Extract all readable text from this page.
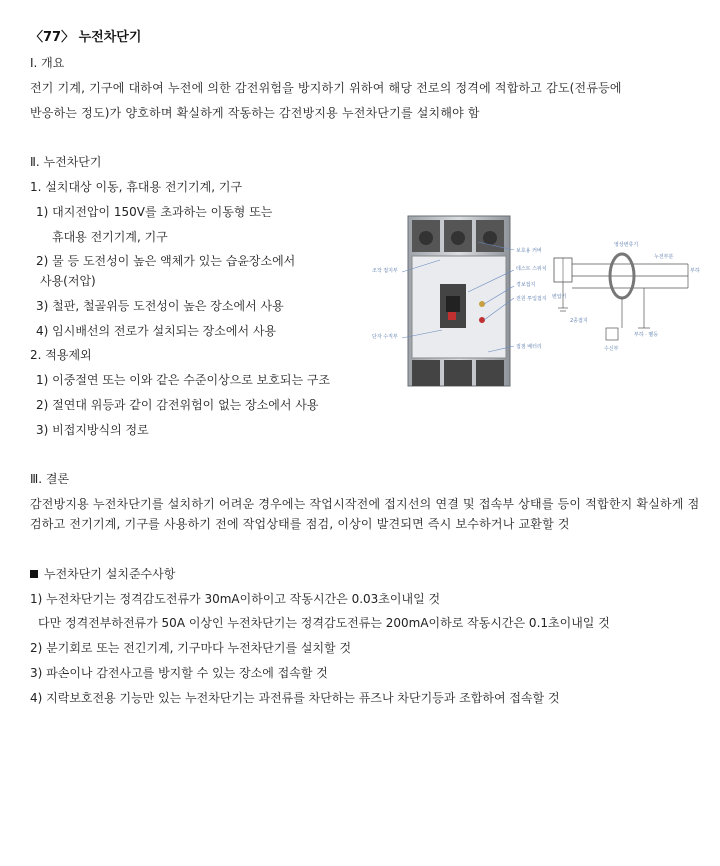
〈77〉 누전차단기
Ⅰ. 개요
전기 기계, 기구에 대하여 누전에 의한 감전위험을 방지하기 위하여 해당 전로의 정격에 적합하고 감도(전류등에
반응하는 정도)가 양호하며 확실하게 작동하는 감전방지용 누전차단기를 설치해야 함
Ⅱ. 누전차단기
1. 설치대상 이동, 휴대용 전기기계, 기구
1) 대지전압이 150V를 초과하는 이동형 또는
휴대용 전기기계, 기구
2) 물 등 도전성이 높은 액체가 있는 습윤장소에서
사용(저압)
3) 철판, 철골위등 도전성이 높은 장소에서 사용
4) 임시배선의 전로가 설치되는 장소에서 사용
2. 적용제외
1) 이중절연 또는 이와 같은 수준이상으로 보호되는 구조
2) 절연대 위등과 같이 감전위험이 없는 장소에서 사용
3) 비접지방식의 정로
조작 접지부
단자 수직부
보호용 커버
테스트 스위치
경보접지
전원 투입접지
접점 배터리
영상변류기
누전부분
부하
변압기
2종접지
수신부
부하 · 벨등
Ⅲ. 결론
감전방지용 누전차단기를 설치하기 어려운 경우에는 작업시작전에 접지선의 연결 및 접속부 상태를 등이 적합한지 확실하게 점
검하고 전기기계, 기구를 사용하기 전에 작업상태를 점검, 이상이 발견되면 즉시 보수하거나 교환할 것
누전차단기 설치준수사항
1) 누전차단기는 정격감도전류가 30mA이하이고 작동시간은 0.03초이내일 것
다만 정격전부하전류가 50A 이상인 누전차단기는 정격감도전류는 200mA이하로 작동시간은 0.1초이내일 것
2) 분기회로 또는 전긴기계, 기구마다 누전차단기를 설치할 것
3) 파손이나 감전사고를 방지할 수 있는 장소에 접속할 것
4) 지락보호전용 기능만 있는 누전차단기는 과전류를 차단하는 퓨즈나 차단기등과 조합하여 접속할 것
